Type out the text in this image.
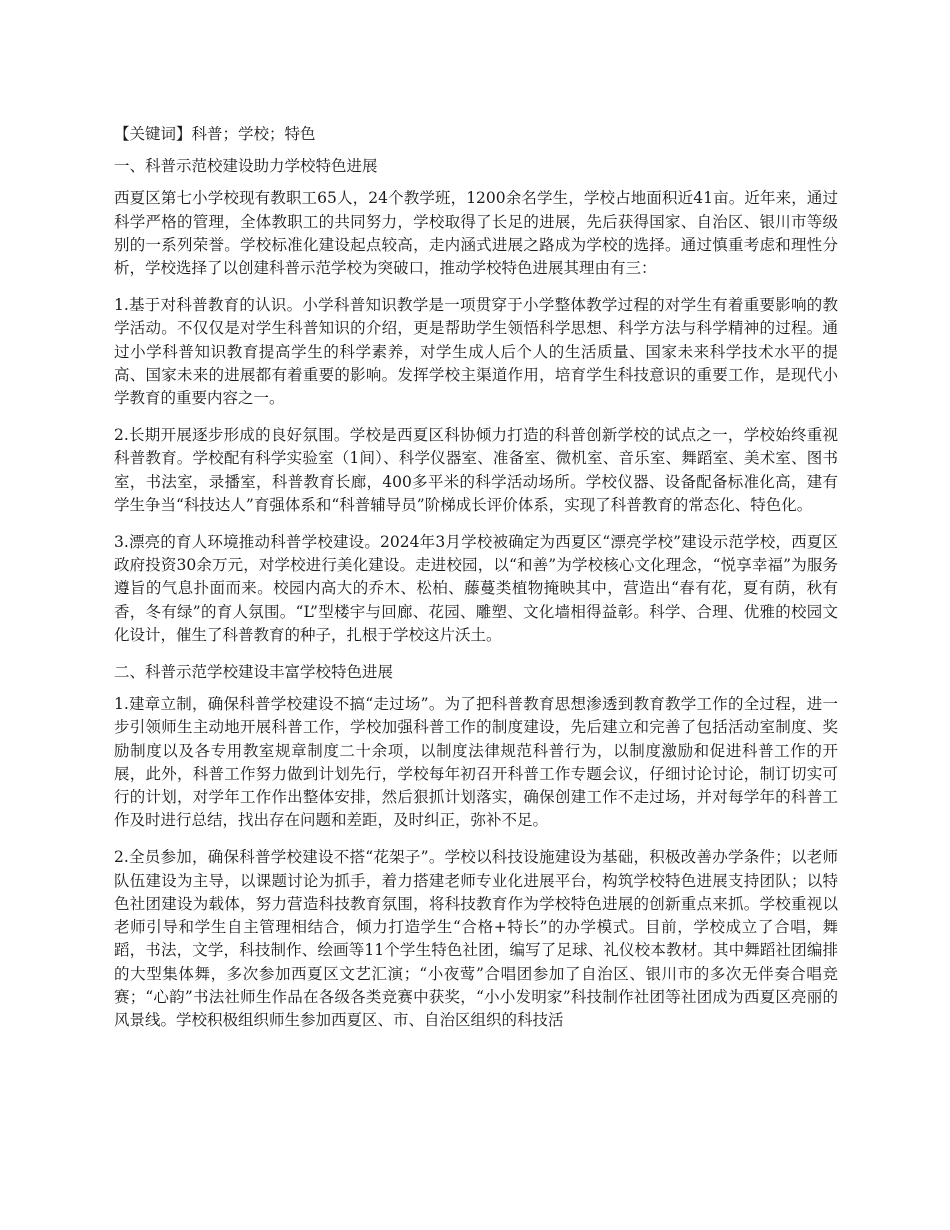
【关键词】科普；学校；特色

一、科普示范校建设助力学校特色进展

西夏区第七小学校现有教职工65人，24个教学班，1200余名学生，学校占地面积近41亩。近年来，通过科学严格的管理，全体教职工的共同努力，学校取得了长足的进展，先后获得国家、自治区、银川市等级别的一系列荣誉。学校标准化建设起点较高，走内涵式进展之路成为学校的选择。通过慎重考虑和理性分析，学校选择了以创建科普示范学校为突破口，推动学校特色进展其理由有三：

1.基于对科普教育的认识。小学科普知识教学是一项贯穿于小学整体教学过程的对学生有着重要影响的教学活动。不仅仅是对学生科普知识的介绍，更是帮助学生领悟科学思想、科学方法与科学精神的过程。通过小学科普知识教育提高学生的科学素养，对学生成人后个人的生活质量、国家未来科学技术水平的提高、国家未来的进展都有着重要的影响。发挥学校主渠道作用，培育学生科技意识的重要工作，是现代小学教育的重要内容之一。

2.长期开展逐步形成的良好氛围。学校是西夏区科协倾力打造的科普创新学校的试点之一，学校始终重视科普教育。学校配有科学实验室（1间）、科学仪器室、准备室、微机室、音乐室、舞蹈室、美术室、图书室，书法室，录播室，科普教育长廊，400多平米的科学活动场所。学校仪器、设备配备标准化高，建有学生争当“科技达人”育强体系和“科普辅导员”阶梯成长评价体系，实现了科普教育的常态化、特色化。

3.漂亮的育人环境推动科普学校建设。2024年3月学校被确定为西夏区“漂亮学校”建设示范学校，西夏区政府投资30余万元，对学校进行美化建设。走进校园，以“和善”为学校核心文化理念，“悦享幸福”为服务遵旨的气息扑面而来。校园内高大的乔木、松柏、藤蔓类植物掩映其中，营造出“春有花，夏有荫，秋有香，冬有绿”的育人氛围。“L”型楼宇与回廊、花园、雕塑、文化墙相得益彰。科学、合理、优雅的校园文化设计，催生了科普教育的种子，扎根于学校这片沃土。

二、科普示范学校建设丰富学校特色进展

1.建章立制，确保科普学校建设不搞“走过场”。为了把科普教育思想渗透到教育教学工作的全过程，进一步引领师生主动地开展科普工作，学校加强科普工作的制度建设，先后建立和完善了包括活动室制度、奖励制度以及各专用教室规章制度二十余项，以制度法律规范科普行为，以制度激励和促进科普工作的开展，此外，科普工作努力做到计划先行，学校每年初召开科普工作专题会议，仔细讨论讨论，制订切实可行的计划，对学年工作作出整体安排，然后狠抓计划落实，确保创建工作不走过场，并对每学年的科普工作及时进行总结，找出存在问题和差距，及时纠正，弥补不足。

2.全员参加，确保科普学校建设不搭“花架子”。学校以科技设施建设为基础，积极改善办学条件；以老师队伍建设为主导，以课题讨论为抓手，着力搭建老师专业化进展平台，构筑学校特色进展支持团队；以特色社团建设为载体，努力营造科技教育氛围，将科技教育作为学校特色进展的创新重点来抓。学校重视以老师引导和学生自主管理相结合，倾力打造学生“合格+特长”的办学模式。目前，学校成立了合唱，舞蹈，书法，文学，科技制作、绘画等11个学生特色社团，编写了足球、礼仪校本教材。其中舞蹈社团编排的大型集体舞，多次参加西夏区文艺汇演；“小夜莺”合唱团参加了自治区、银川市的多次无伴奏合唱竞赛；“心韵”书法社师生作品在各级各类竞赛中获奖，“小小发明家”科技制作社团等社团成为西夏区亮丽的风景线。学校积极组织师生参加西夏区、市、自治区组织的科技活
